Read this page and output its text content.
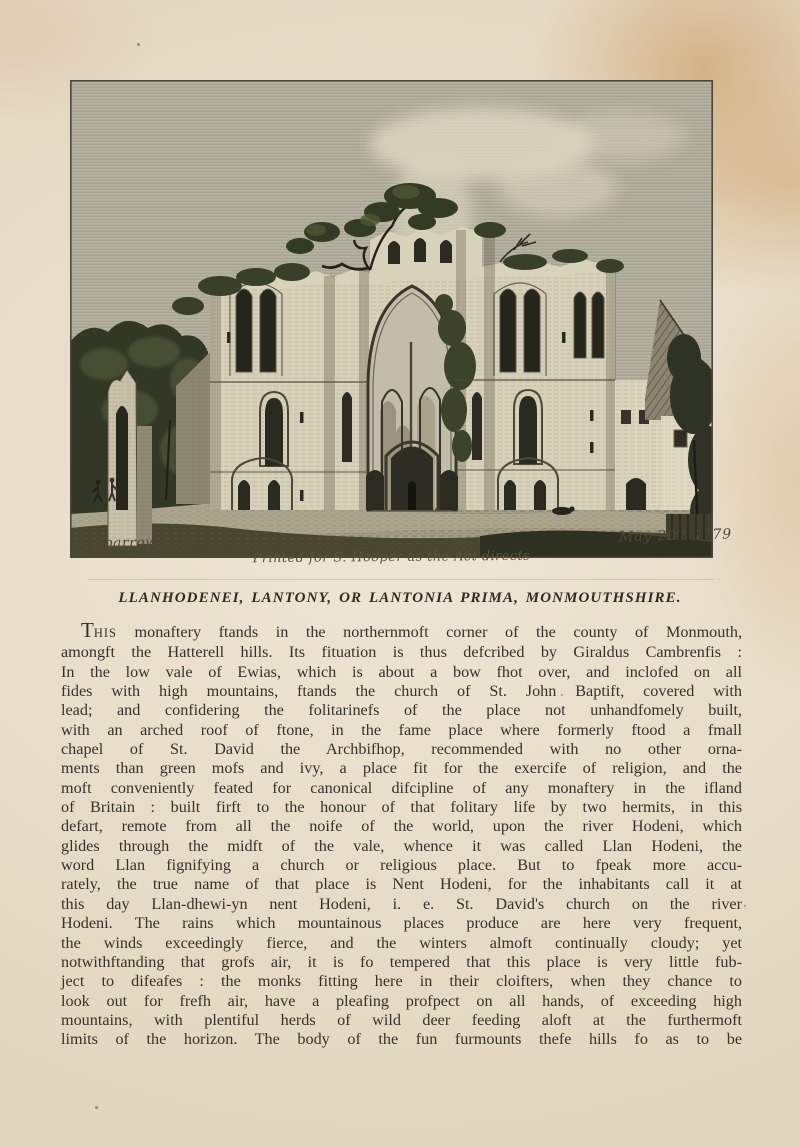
S. Sparrow fecit	May 20ᵗʰ 1779
Printed for S. Hooper as the Act directs
LLANHODENEI, LANTONY, OR LANTONIA PRIMA, MONMOUTHSHIRE.
THIS monaftery ftands in the northernmoft corner of the county of Monmouth,
amongft the Hatterell hills. Its fituation is thus defcribed by Giraldus Cambrenfis :
In the low vale of Ewias, which is about a bow fhot over, and inclofed on all
fides with high mountains, ftands the church of St. John Baptift, covered with
lead; and confidering the folitarinefs of the place not unhandfomely built,
with an arched roof of ftone, in the fame place where formerly ftood a fmall
chapel of St. David the Archbifhop, recommended with no other orna-
ments than green mofs and ivy, a place fit for the exercife of religion, and the
moft conveniently feated for canonical difcipline of any monaftery in the ifland
of Britain : built firft to the honour of that folitary life by two hermits, in this
defart, remote from all the noife of the world, upon the river Hodeni, which
glides through the midft of the vale, whence it was called Llan Hodeni, the
word Llan fignifying a church or religious place. But to fpeak more accu-
rately, the true name of that place is Nent Hodeni, for the inhabitants call it at
this day Llan-dhewi-yn nent Hodeni, i. e. St. David's church on the river
Hodeni. The rains which mountainous places produce are here very frequent,
the winds exceedingly fierce, and the winters almoft continually cloudy; yet
notwithftanding that grofs air, it is fo tempered that this place is very little fub-
ject to difeafes : the monks fitting here in their cloifters, when they chance to
look out for frefh air, have a pleafing profpect on all hands, of exceeding high
mountains, with plentiful herds of wild deer feeding aloft at the furthermoft
limits of the horizon. The body of the fun furmounts thefe hills fo as to be
